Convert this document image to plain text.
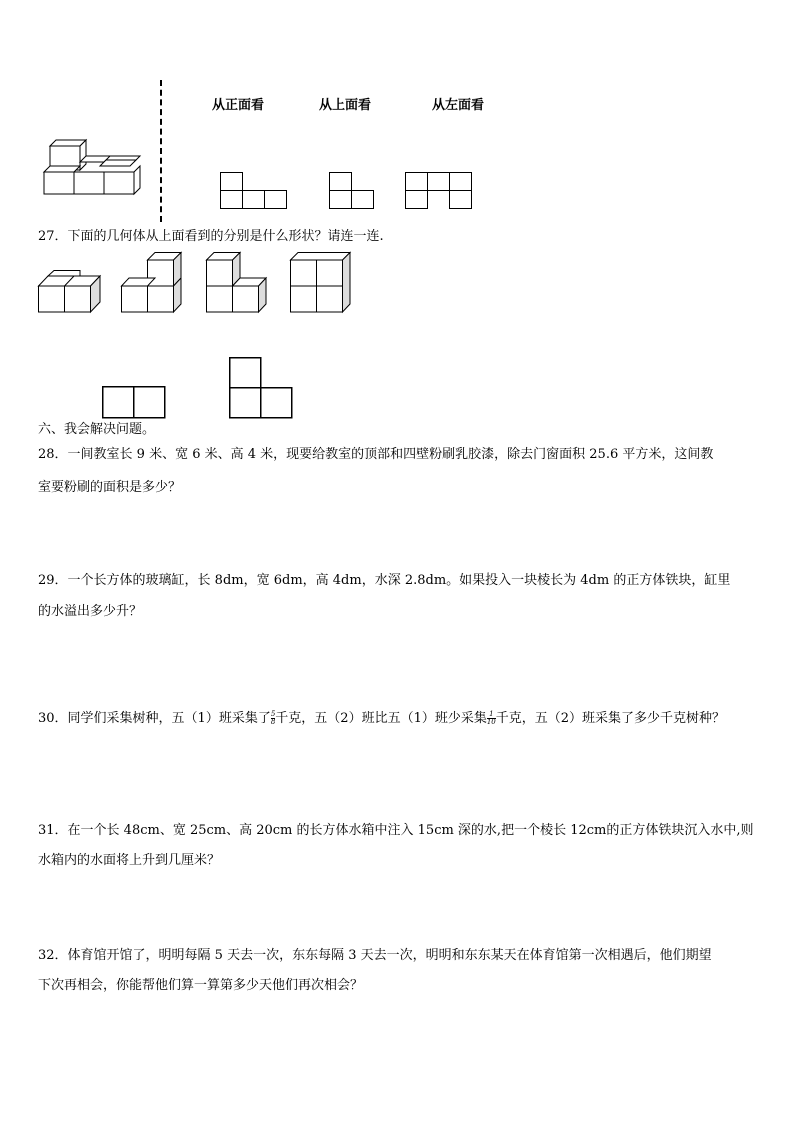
从正面看	从上面看	从左面看
27．下面的几何体从上面看到的分别是什么形状？请连一连.
六、我会解决问题。
28．一间教室长 9 米、宽 6 米、高 4 米，现要给教室的顶部和四壁粉刷乳胶漆，除去门窗面积 25.6 平方米，这间教
室要粉刷的面积是多少？
29．一个长方体的玻璃缸，长 8dm，宽 6dm，高 4dm，水深 2.8dm。如果投入一块棱长为 4dm 的正方体铁块，缸里
的水溢出多少升？
30．同学们采集树种，五（1）班采集了 $\frac{5}{8}$ 千克，五（2）班比五（1）班少采集 $\frac{1}{10}$ 千克，五（2）班采集了多少千克树种？
31．在一个长 48cm、宽 25cm、高 20cm 的长方体水箱中注入 15cm 深的水,把一个棱长 12cm的正方体铁块沉入水中,则
水箱内的水面将上升到几厘米？
32．体育馆开馆了，明明每隔 5 天去一次，东东每隔 3 天去一次，明明和东东某天在体育馆第一次相遇后，他们期望
下次再相会，你能帮他们算一算第多少天他们再次相会？
